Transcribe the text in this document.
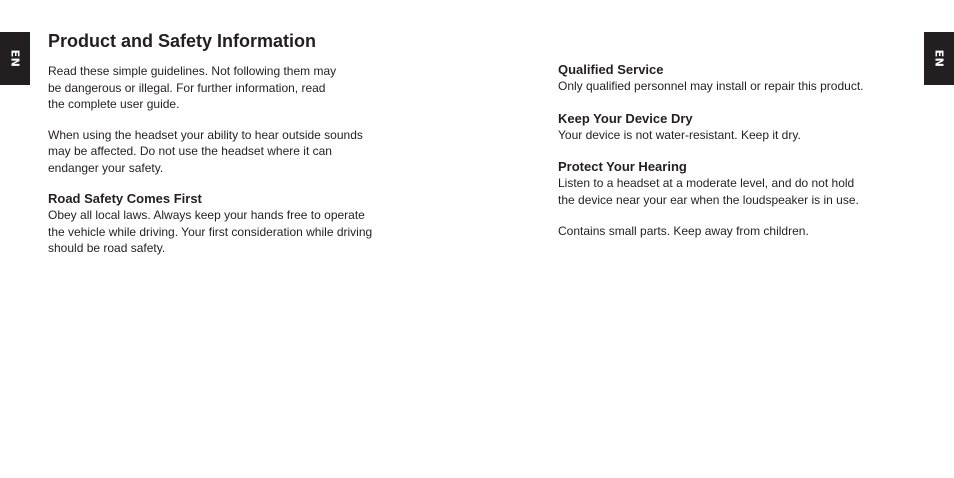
EN	EN
Product and Safety Information

Read these simple guidelines. Not following them may

be dangerous or illegal. For further information, read

the complete user guide.

When using the headset your ability to hear outside sounds

may be affected. Do not use the headset where it can

endanger your safety.

Road Safety Comes First

Obey all local laws. Always keep your hands free to operate

the vehicle while driving. Your first consideration while driving

should be road safety.

Qualified Service

Only qualified personnel may install or repair this product.

Keep Your Device Dry

Your device is not water-resistant. Keep it dry.

Protect Your Hearing

Listen to a headset at a moderate level, and do not hold

the device near your ear when the loudspeaker is in use.

Contains small parts. Keep away from children.
